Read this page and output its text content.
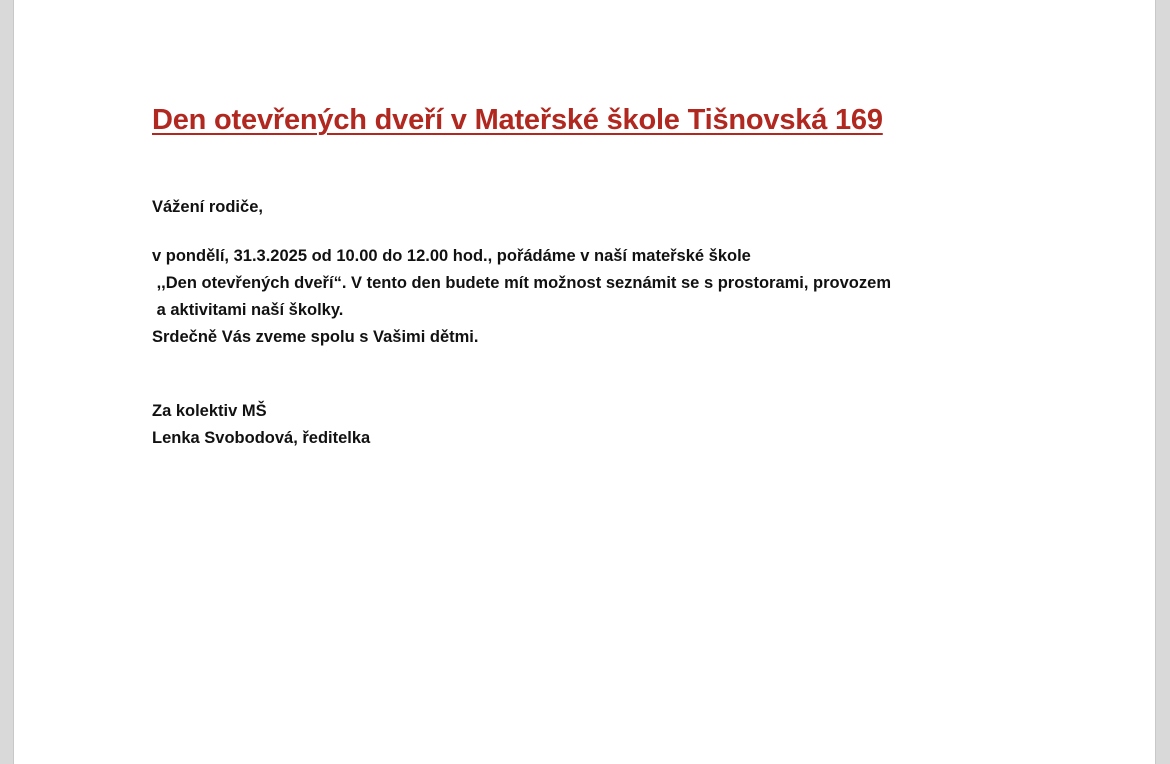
Den otevřených dveří v Mateřské škole Tišnovská 169

Vážení rodiče,

v pondělí, 31.3.2025 od 10.00 do 12.00 hod., pořádáme v naší mateřské škole
,,Den otevřených dveří“. V tento den budete mít možnost seznámit se s prostorami, provozem
a aktivitami naší školky.
Srdečně Vás zveme spolu s Vašimi dětmi.

Za kolektiv MŠ
Lenka Svobodová, ředitelka
